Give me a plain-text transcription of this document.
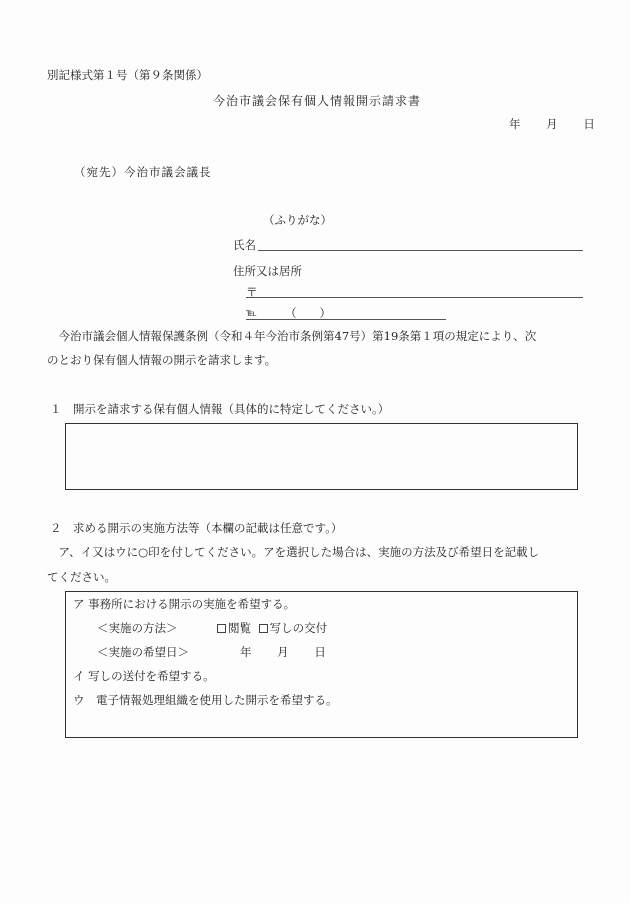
別記様式第１号（第９条関係）
今治市議会保有個人情報開示請求書
年 月 日
（宛先）今治市議会議長
（ふりがな）
氏名
住所又は居所
〒
℡ （　　）
　今治市議会個人情報保護条例（令和４年今治市条例第47号）第19条第１項の規定により、次
のとおり保有個人情報の開示を請求します。
１　開示を請求する保有個人情報（具体的に特定してください。）
２　求める開示の実施方法等（本欄の記載は任意です。）
　ア、イ又はウに○印を付してください。アを選択した場合は、実施の方法及び希望日を記載し
てください。
ア 事務所における開示の実施を希望する。
＜実施の方法＞	閲覧 写しの交付
＜実施の希望日＞	年 月 日
イ 写しの送付を希望する。
ウ　電子情報処理組織を使用した開示を希望する。
